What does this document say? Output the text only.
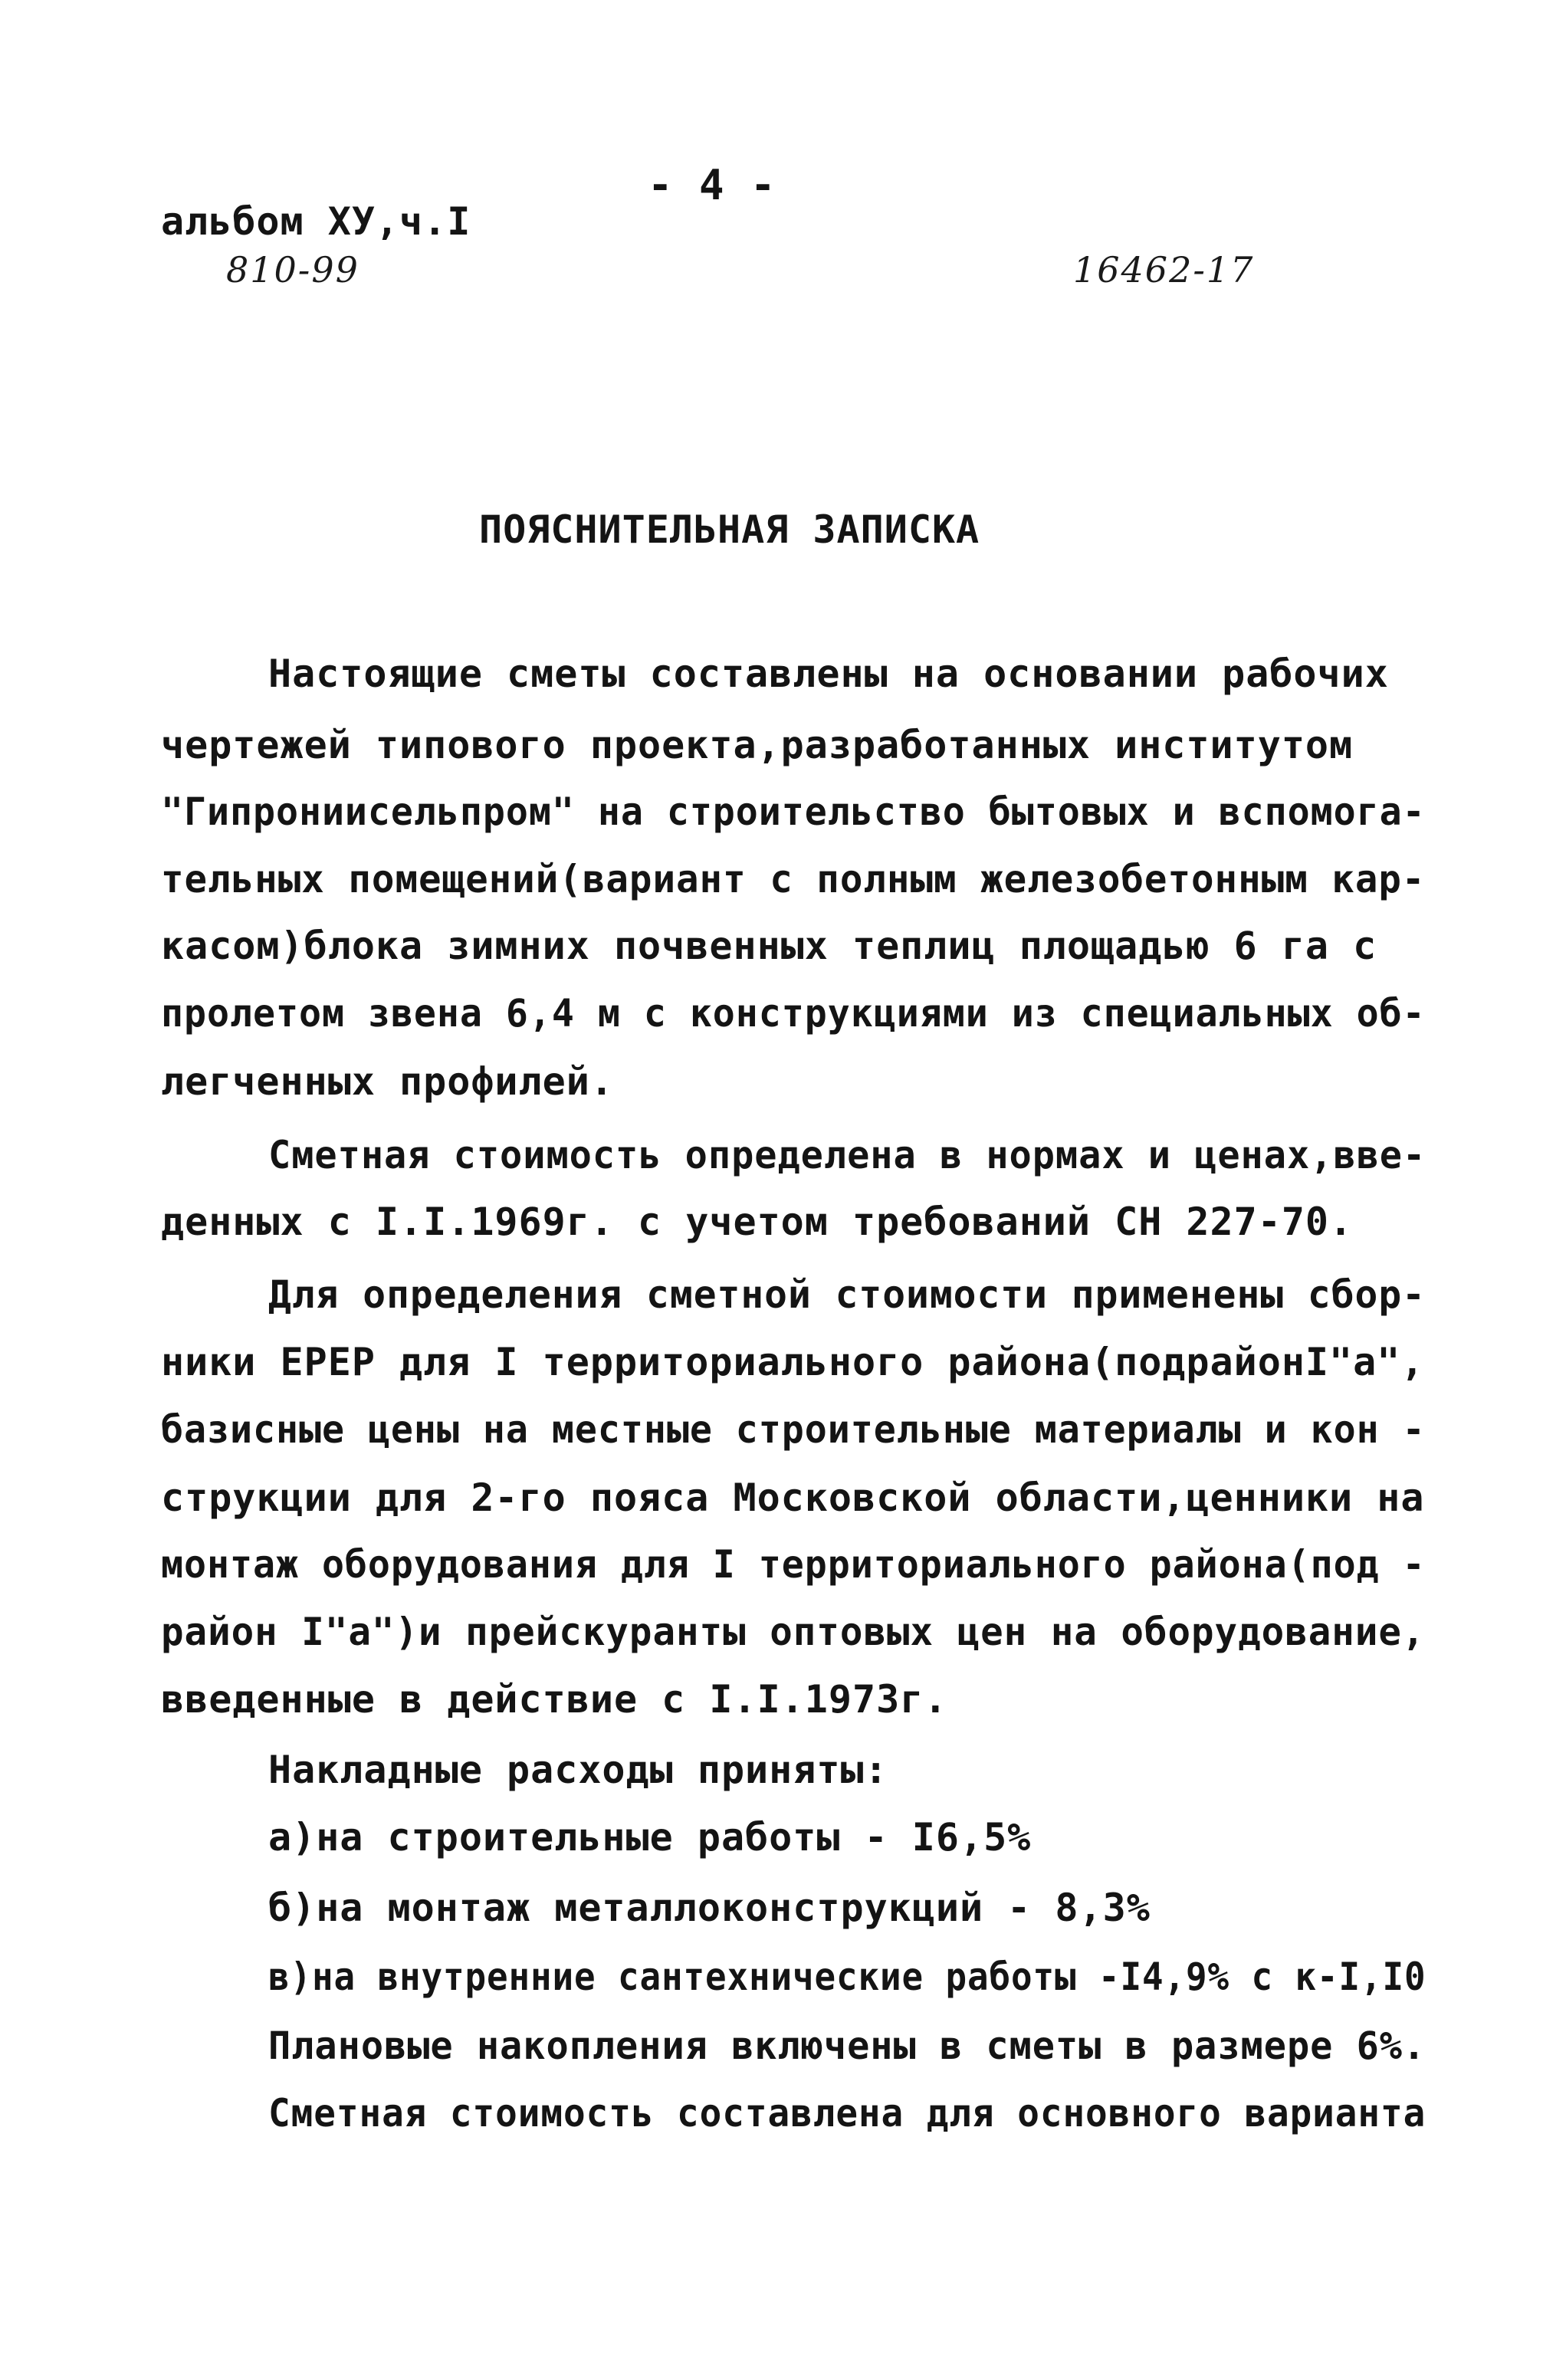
- 4 -
альбом ХУ,ч.I
810-99	16462-17
ПОЯСНИТЕЛЬНАЯ ЗАПИСКА
Настоящие сметы составлены на основании рабочих
чертежей типового проекта,разработанных институтом
"Гипрониисельпром" на строительство бытовых и вспомога-
тельных помещений(вариант с полным железобетонным кар-
касом)блока зимних почвенных теплиц площадью 6 га с
пролетом звена 6,4 м с конструкциями из специальных об-
легченных профилей.
Сметная стоимость определена в нормах и ценах,вве-
денных с I.I.1969г. с учетом требований СН 227-70.
Для определения сметной стоимости применены сбор-
ники ЕРЕР для I территориального района(подрайонI"а",
базисные цены на местные строительные материалы и кон -
струкции для 2-го пояса Московской области,ценники на
монтаж оборудования для I территориального района(под -
район I"а")и прейскуранты оптовых цен на оборудование,
введенные в действие с I.I.1973г.
Накладные расходы приняты:
а)на строительные работы - I6,5%
б)на монтаж металлоконструкций - 8,3%
в)на внутренние сантехнические работы -I4,9% с к-I,I0
Плановые накопления включены в сметы в размере 6%.
Сметная стоимость составлена для основного варианта
